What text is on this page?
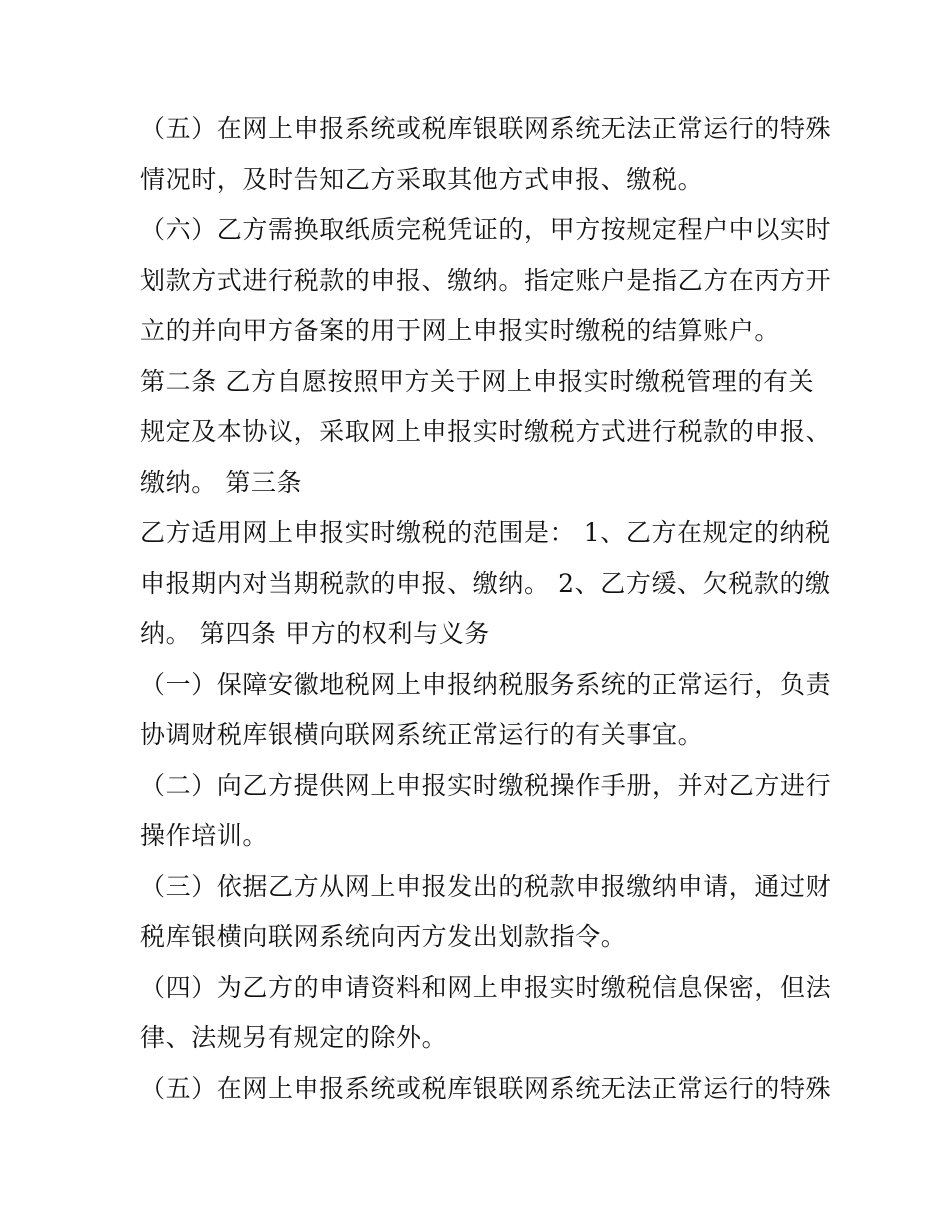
（五）在网上申报系统或税库银联网系统无法正常运行的特殊
情况时，及时告知乙方采取其他方式申报、缴税。
（六）乙方需换取纸质完税凭证的，甲方按规定程户中以实时
划款方式进行税款的申报、缴纳。指定账户是指乙方在丙方开
立的并向甲方备案的用于网上申报实时缴税的结算账户。
第二条 乙方自愿按照甲方关于网上申报实时缴税管理的有关
规定及本协议，采取网上申报实时缴税方式进行税款的申报、
缴纳。 第三条
乙方适用网上申报实时缴税的范围是： 1、乙方在规定的纳税
申报期内对当期税款的申报、缴纳。 2、乙方缓、欠税款的缴
纳。 第四条 甲方的权利与义务
（一）保障安徽地税网上申报纳税服务系统的正常运行，负责
协调财税库银横向联网系统正常运行的有关事宜。
（二）向乙方提供网上申报实时缴税操作手册，并对乙方进行
操作培训。
（三）依据乙方从网上申报发出的税款申报缴纳申请，通过财
税库银横向联网系统向丙方发出划款指令。
（四）为乙方的申请资料和网上申报实时缴税信息保密，但法
律、法规另有规定的除外。
（五）在网上申报系统或税库银联网系统无法正常运行的特殊
